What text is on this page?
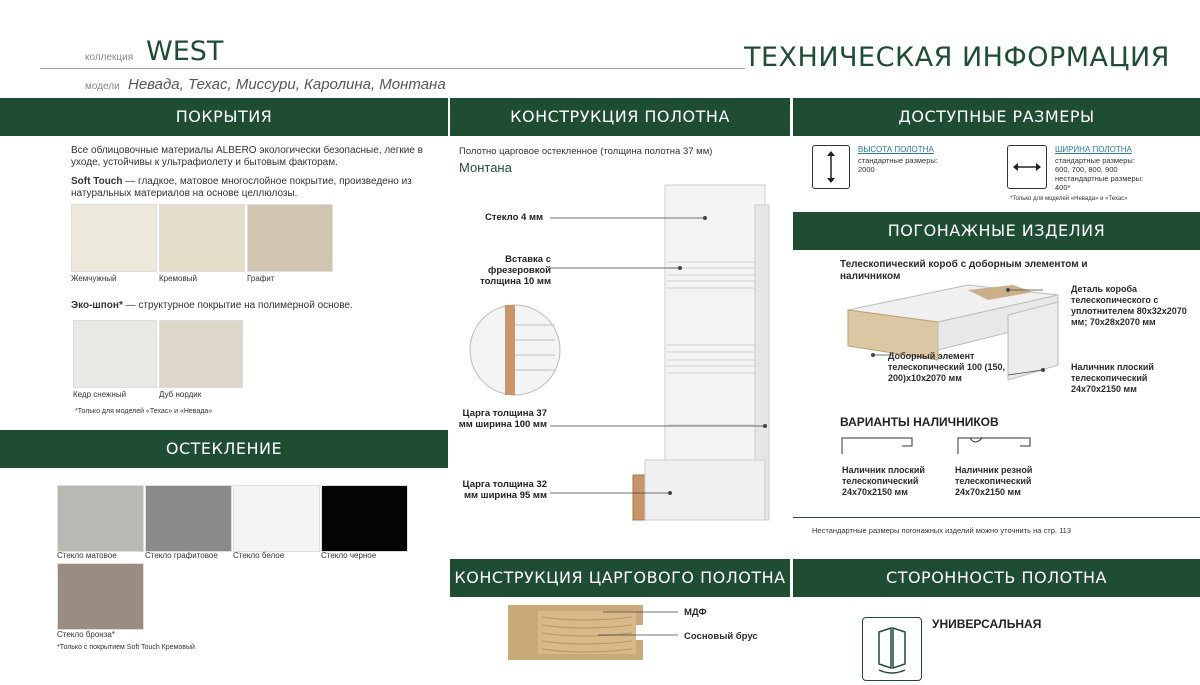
коллекция WEST
модели Невада, Техас, Миссури, Каролина, Монтана
ТЕХНИЧЕСКАЯ ИНФОРМАЦИЯ
ПОКРЫТИЯ
Все облицовочные материалы ALBERO экологически безопасные, легкие в уходе, устойчивы к ультрафиолету и бытовым факторам.
Soft Touch — гладкое, матовое многослойное покрытие, произведено из натуральных материалов на основе целлюлозы.
Жемчужный	Кремовый	Графит
Эко-шпон* — структурное покрытие на полимерной основе.
Кедр снежный	Дуб нордик
*Только для моделей «Техас» и «Невада»
ОСТЕКЛЕНИЕ
Стекло матовое	Стекло графитовое Стекло белое	Стекло черное
Стекло бронза*
*Только с покрытием Soft Touch Кремовый
КОНСТРУКЦИЯ ПОЛОТНА
Полотно царговое остекленное (толщина полотна 37 мм)
Монтана
Стекло 4 мм
Вставка с фрезеровкой толщина 10 мм
Царга толщина 37 мм ширина 100 мм
Царга толщина 32 мм ширина 95 мм
КОНСТРУКЦИЯ ЦАРГОВОГО ПОЛОТНА
МДФ
Сосновый брус
ДОСТУПНЫЕ РАЗМЕРЫ
ВЫСОТА ПОЛОТНА
стандартные размеры:
2000
ШИРИНА ПОЛОТНА
стандартные размеры:
600, 700, 800, 900
нестандартные размеры:
400*
*Только для моделей «Невада» и «Техас»
ПОГОНАЖНЫЕ ИЗДЕЛИЯ
Телескопический короб с доборным элементом и наличником
Деталь короба телескопического с уплотнителем 80x32x2070 мм; 70x28x2070 мм
Доборный элемент телескопический 100 (150, 200)x10x2070 мм
Наличник плоский телескопический 24x70x2150 мм
ВАРИАНТЫ НАЛИЧНИКОВ
Наличник плоский телескопический 24x70x2150 мм
Наличник резной телескопический 24x70x2150 мм
Нестандартные размеры погонажных изделий можно уточнить на стр. 113
СТОРОННОСТЬ ПОЛОТНА
УНИВЕРСАЛЬНАЯ
